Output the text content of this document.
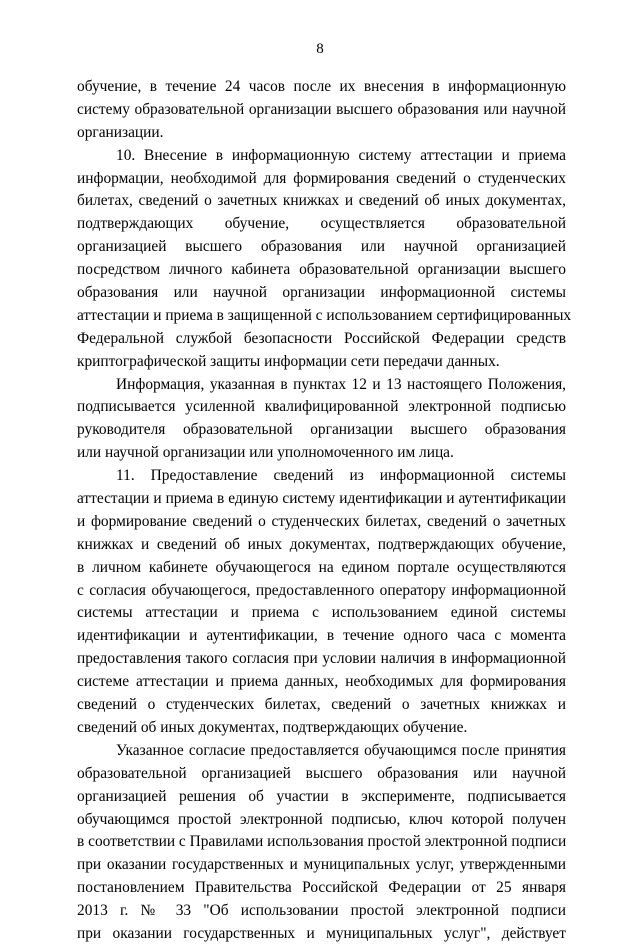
8
обучение, в течение 24 часов после их внесения в информационную
систему образовательной организации высшего образования или научной
организации.
10. Внесение в информационную систему аттестации и приема
информации, необходимой для формирования сведений о студенческих
билетах, сведений о зачетных книжках и сведений об иных документах,
подтверждающих обучение, осуществляется образовательной
организацией высшего образования или научной организацией
посредством личного кабинета образовательной организации высшего
образования или научной организации информационной системы
аттестации и приема в защищенной с использованием сертифицированных
Федеральной службой безопасности Российской Федерации средств
криптографической защиты информации сети передачи данных.
Информация, указанная в пунктах 12 и 13 настоящего Положения,
подписывается усиленной квалифицированной электронной подписью
руководителя образовательной организации высшего образования
или научной организации или уполномоченного им лица.
11. Предоставление сведений из информационной системы
аттестации и приема в единую систему идентификации и аутентификации
и формирование сведений о студенческих билетах, сведений о зачетных
книжках и сведений об иных документах, подтверждающих обучение,
в личном кабинете обучающегося на едином портале осуществляются
с согласия обучающегося, предоставленного оператору информационной
системы аттестации и приема с использованием единой системы
идентификации и аутентификации, в течение одного часа с момента
предоставления такого согласия при условии наличия в информационной
системе аттестации и приема данных, необходимых для формирования
сведений о студенческих билетах, сведений о зачетных книжках и
сведений об иных документах, подтверждающих обучение.
Указанное согласие предоставляется обучающимся после принятия
образовательной организацией высшего образования или научной
организацией решения об участии в эксперименте, подписывается
обучающимся простой электронной подписью, ключ которой получен
в соответствии с Правилами использования простой электронной подписи
при оказании государственных и муниципальных услуг, утвержденными
постановлением Правительства Российской Федерации от 25 января
2013 г. № 33 "Об использовании простой электронной подписи
при оказании государственных и муниципальных услуг", действует
